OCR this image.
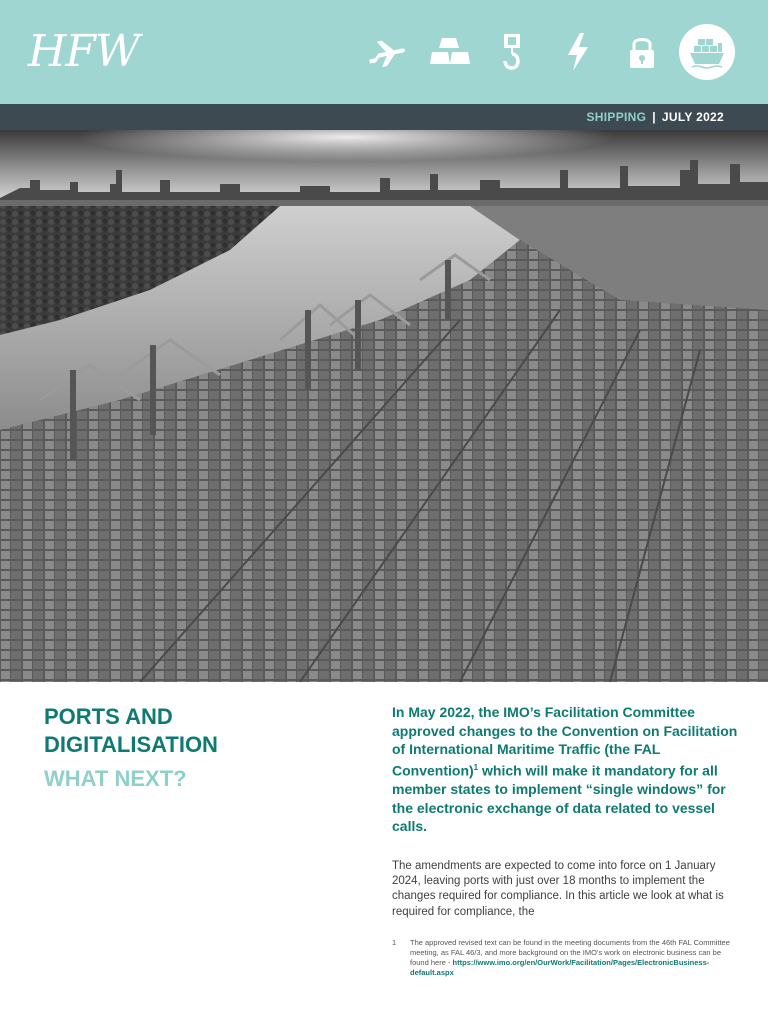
HFW
SHIPPING | JULY 2022
PORTS AND
DIGITALISATION
WHAT NEXT?
In May 2022, the IMO’s Facilitation Committee approved changes to the Convention on Facilitation of International Maritime Traffic (the FAL Convention)$^1$ which will make it mandatory for all member states to implement “single windows” for the electronic exchange of data related to vessel calls.
The amendments are expected to come into force on 1 January 2024, leaving ports with just over 18 months to implement the changes required for compliance. In this article we look at what is required for compliance, the
1 The approved revised text can be found in the meeting documents from the 46th FAL Committee meeting, as FAL 46/3, and more background on the IMO’s work on electronic business can be found here - https://www.imo.org/en/OurWork/Facilitation/Pages/ElectronicBusiness-default.aspx
